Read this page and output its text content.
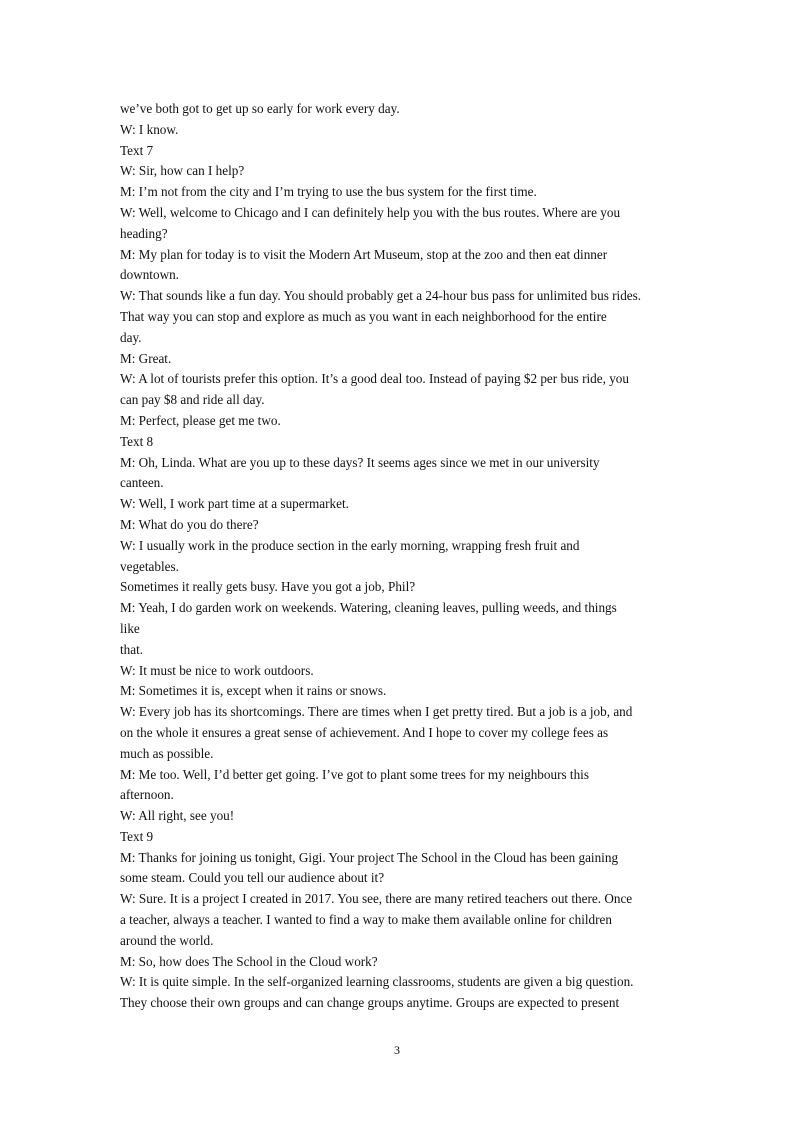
we’ve both got to get up so early for work every day.
W: I know.
Text 7
W: Sir, how can I help?
M: I’m not from the city and I’m trying to use the bus system for the first time.
W: Well, welcome to Chicago and I can definitely help you with the bus routes. Where are you
heading?
M: My plan for today is to visit the Modern Art Museum, stop at the zoo and then eat dinner
downtown.
W: That sounds like a fun day. You should probably get a 24-hour bus pass for unlimited bus rides.
That way you can stop and explore as much as you want in each neighborhood for the entire
day.
M: Great.
W: A lot of tourists prefer this option. It’s a good deal too. Instead of paying $2 per bus ride, you
can pay $8 and ride all day.
M: Perfect, please get me two.
Text 8
M: Oh, Linda. What are you up to these days? It seems ages since we met in our university
canteen.
W: Well, I work part time at a supermarket.
M: What do you do there?
W: I usually work in the produce section in the early morning, wrapping fresh fruit and
vegetables.
Sometimes it really gets busy. Have you got a job, Phil?
M: Yeah, I do garden work on weekends. Watering, cleaning leaves, pulling weeds, and things
like
that.
W: It must be nice to work outdoors.
M: Sometimes it is, except when it rains or snows.
W: Every job has its shortcomings. There are times when I get pretty tired. But a job is a job, and
on the whole it ensures a great sense of achievement. And I hope to cover my college fees as
much as possible.
M: Me too. Well, I’d better get going. I’ve got to plant some trees for my neighbours this
afternoon.
W: All right, see you!
Text 9
M: Thanks for joining us tonight, Gigi. Your project The School in the Cloud has been gaining
some steam. Could you tell our audience about it?
W: Sure. It is a project I created in 2017. You see, there are many retired teachers out there. Once
a teacher, always a teacher. I wanted to find a way to make them available online for children
around the world.
M: So, how does The School in the Cloud work?
W: It is quite simple. In the self-organized learning classrooms, students are given a big question.
They choose their own groups and can change groups anytime. Groups are expected to present
3
